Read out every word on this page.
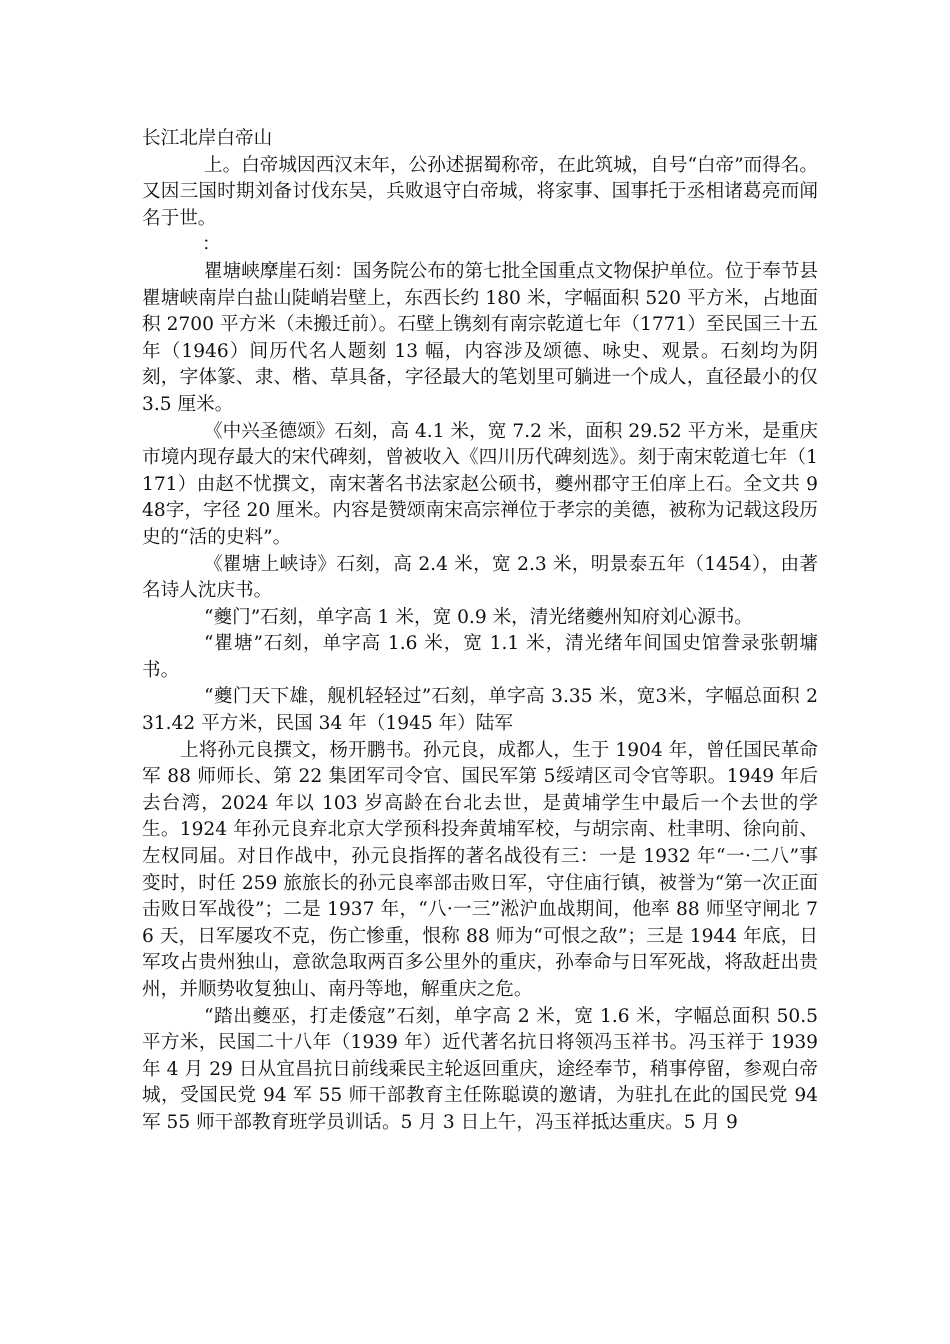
长江北岸白帝山

上。白帝城因西汉末年，公孙述据蜀称帝，在此筑城，自号“白帝”而得名。又因三国时期刘备讨伐东吴，兵败退守白帝城，将家事、国事托于丞相诸葛亮而闻名于世。

：

瞿塘峡摩崖石刻：国务院公布的第七批全国重点文物保护单位。位于奉节县瞿塘峡南岸白盐山陡峭岩壁上，东西长约 180 米，字幅面积 520 平方米，占地面积 2700 平方米（未搬迁前）。石壁上镌刻有南宗乾道七年（1771）至民国三十五年（1946）间历代名人题刻 13 幅，内容涉及颂德、咏史、观景。石刻均为阴刻，字体篆、隶、楷、草具备，字径最大的笔划里可躺进一个成人，直径最小的仅 3.5 厘米。

《中兴圣德颂》石刻，高 4.1 米，宽 7.2 米，面积 29.52 平方米，是重庆市境内现存最大的宋代碑刻，曾被收入《四川历代碑刻选》。刻于南宋乾道七年（1171）由赵不忧撰文，南宋著名书法家赵公硕书，夔州郡守王伯庠上石。全文共 948字，字径 20 厘米。内容是赞颂南宋高宗禅位于孝宗的美德，被称为记载这段历史的“活的史料”。

《瞿塘上峡诗》石刻，高 2.4 米，宽 2.3 米，明景泰五年（1454），由著名诗人沈庆书。

“夔门”石刻，单字高 1 米，宽 0.9 米，清光绪夔州知府刘心源书。

“瞿塘”石刻，单字高 1.6 米，宽 1.1 米，清光绪年间国史馆誊录张朝墉书。

“夔门天下雄，舰机轻轻过”石刻，单字高 3.35 米，宽3米，字幅总面积 231.42 平方米，民国 34 年（1945 年）陆军

上将孙元良撰文，杨开鹏书。孙元良，成都人，生于 1904 年，曾任国民革命军 88 师师长、第 22 集团军司令官、国民军第 5绥靖区司令官等职。1949 年后去台湾，2024 年以 103 岁高龄在台北去世，是黄埔学生中最后一个去世的学生。1924 年孙元良弃北京大学预科投奔黄埔军校，与胡宗南、杜聿明、徐向前、左权同届。对日作战中，孙元良指挥的著名战役有三：一是 1932 年“一·二八”事变时，时任 259 旅旅长的孙元良率部击败日军，守住庙行镇，被誉为“第一次正面击败日军战役”；二是 1937 年，“八·一三”淞沪血战期间，他率 88 师坚守闸北 76 天，日军屡攻不克，伤亡惨重，恨称 88 师为“可恨之敌”；三是 1944 年底，日军攻占贵州独山，意欲急取两百多公里外的重庆，孙奉命与日军死战，将敌赶出贵州，并顺势收复独山、南丹等地，解重庆之危。

“踏出夔巫，打走倭寇”石刻，单字高 2 米，宽 1.6 米，字幅总面积 50.5 平方米，民国二十八年（1939 年）近代著名抗日将领冯玉祥书。冯玉祥于 1939 年 4 月 29 日从宜昌抗日前线乘民主轮返回重庆，途经奉节，稍事停留，参观白帝城，受国民党 94 军 55 师干部教育主任陈聪谟的邀请，为驻扎在此的国民党 94 军 55 师干部教育班学员训话。5 月 3 日上午，冯玉祥抵达重庆。5 月 9
